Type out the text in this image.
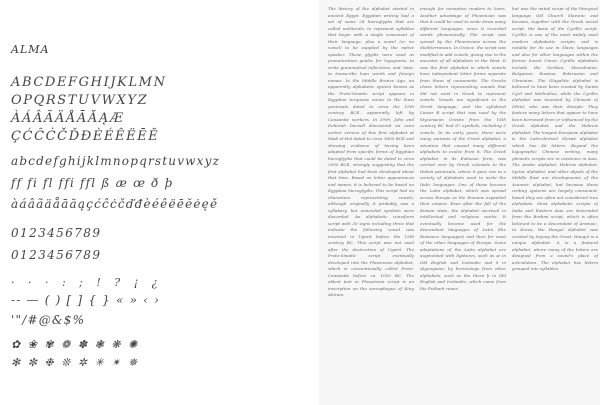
ALMA
ABCDEFGHIJKLMN
OPQRSTUVWXYZ
ÀÁÂÃÄÅĀĂĄÆ
ÇĆĈĊČĎĐÈÉÊËĒĔ
abcdefghijklmnopqrstuvwxyz
ff fi fl ffi ffl ß æ œ ð þ
àáâãäåāăąçćĉċčďđèéêëēĕėęě
0123456789
0123456789
· · · : ; ! ? ¡ ¿
-- — ( ) [ ] { } « » ‹ ›
'"/#@&$%
✿ ❀ ✾ ❁ ✽ ❃ ❋ ✺
✻ ✼ ❉ ❊ ✲ ✳ ✴ ✵
The history of the alphabet started in ancient Egypt. Egyptian writing had a set of some 24 hieroglyphs that are called uniliterals, to represent syllables that begin with a single consonant of their language, plus a vowel (or no vowel) to be supplied by the native speaker. These glyphs were used as pronunciation guides for logograms, to write grammatical inflections, and, later, to transcribe loan words and foreign names. In the Middle Bronze Age, an apparently alphabetic system known as the Proto-Sinaitic script appears in Egyptian turquoise mines in the Sinai peninsula dated to circa the 15th century BCE, apparently left by Canaanite workers. In 1999, John and Deborah Darnell discovered an even earlier version of this first alphabet at Wadi el-Hol dated to circa 1800 BCE and showing evidence of having been adapted from specific forms of Egyptian hieroglyphs that could be dated to circa 2000 BCE, strongly suggesting that the first alphabet had been developed about that time. Based on letter appearances and names, it is believed to be based on Egyptian hieroglyphs. This script had no characters representing vowels, although originally it probably was a syllabary, but unneeded symbols were discarded. An alphabetic cuneiform script with 30 signs including three that indicate the following vowel was invented in Ugarit before the 15th century BC. This script was not used after the destruction of Ugarit. The Proto-Sinaitic script eventually developed into the Phoenician alphabet, which is conventionally called Proto-Canaanite before ca. 1050 BC. The oldest text in Phoenician script is an inscription on the sarcophagus of King Ahiram.
enough for nonnative readers to learn. Another advantage of Phoenician was that it could be used to write down many different languages, since it recorded words phonemically. The script was spread by the Phoenicians across the Mediterranean. In Greece, the script was modified to add vowels, giving rise to the ancestor of all alphabets in the West. It was the first alphabet in which vowels have independent letter forms separate from those of consonants. The Greeks chose letters representing sounds that did not exist in Greek to represent vowels. Vowels are significant in the Greek language, and the syllabical Linear B script that was used by the Mycenaean Greeks from the 16th century BC had 87 symbols, including 5 vowels. In its early years, there were many variants of the Greek alphabet, a situation that caused many different alphabets to evolve from it. The Greek alphabet, in its Euboean form, was carried over by Greek colonists to the Italian peninsula, where it gave rise to a variety of alphabets used to write the Italic languages. One of these became the Latin alphabet, which was spread across Europe as the Romans expanded their empire. Even after the fall of the Roman state, the alphabet survived in intellectual and religious works. It eventually became used for the descendant languages of Latin (the Romance languages) and then for most of the other languages of Europe. Some adaptations of the Latin alphabet are augmented with ligatures, such as æ in Old English and Icelandic and ȣ in Algonquian; by borrowings from other alphabets, such as the thorn þ in Old English and Icelandic, which came from the Futhark runes.
but was the initial script of the liturgical language Old Church Slavonic and became, together with the Greek uncial script, the basis of the Cyrillic script. Cyrillic is one of the most widely used modern alphabetic scripts, and is notable for its use in Slavic languages and also for other languages within the former Soviet Union. Cyrillic alphabets include the Serbian, Macedonian, Bulgarian, Russian, Belarusian and Ukrainian. The Glagolitic alphabet is believed to have been created by Saints Cyril and Methodius, while the Cyrillic alphabet was invented by Clement of Ohrid, who was their disciple. They feature many letters that appear to have been borrowed from or influenced by the Greek alphabet and the Hebrew alphabet. The longest European alphabet is the Latin-derived Slovak alphabet which has 46 letters. Beyond the logographic Chinese writing, many phonetic scripts are in existence in Asia. The Arabic alphabet, Hebrew alphabet, Syriac alphabet, and other abjads of the Middle East are developments of the Aramaic alphabet, but because these writing systems are largely consonant-based they are often not considered true alphabets. Most alphabetic scripts of India and Eastern Asia are descended from the Brahmi script, which is often believed to be a descendant of Aramaic. In Korea, the Hangul alphabet was created by Sejong the Great. Hangul is a unique alphabet: it is a featural alphabet, where many of the letters are designed from a sound's place of articulation. The alphabet has letters grouped into syllables.
